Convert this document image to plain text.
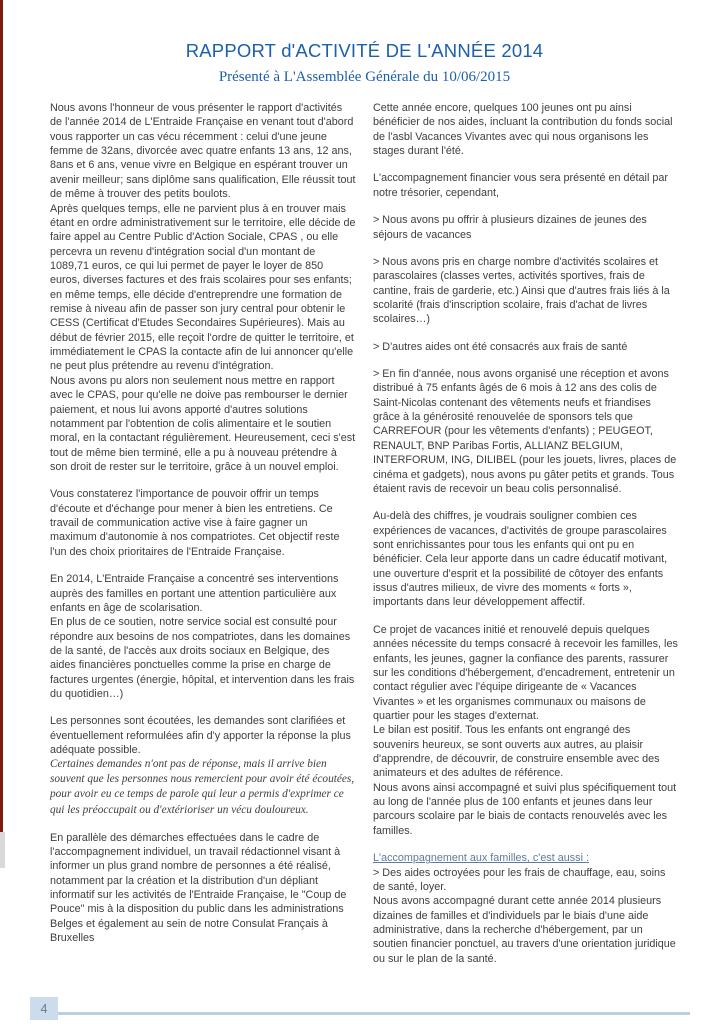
RAPPORT d'ACTIVITÉ DE L'ANNÉE 2014
Présenté à L'Assemblée Générale du 10/06/2015

Nous avons l'honneur de vous présenter le rapport d'activités de l'année 2014 de L'Entraide Française en venant tout d'abord vous rapporter un cas vécu récemment : celui d'une jeune femme de 32ans, divorcée avec quatre enfants 13 ans, 12 ans, 8ans et 6 ans, venue vivre en Belgique en espérant trouver un avenir meilleur; sans diplôme sans qualification, Elle réussit tout de même à trouver des petits boulots.

Après quelques temps, elle ne parvient plus à en trouver mais étant en ordre administrativement sur le territoire, elle décide de faire appel au Centre Public d'Action Sociale, CPAS , ou elle percevra un revenu d'intégration social d'un montant de 1089,71 euros, ce qui lui permet de payer le loyer de 850 euros, diverses factures et des frais scolaires pour ses enfants; en même temps, elle décide d'entreprendre une formation de remise à niveau afin de passer son jury central pour obtenir le CESS (Certificat d'Etudes Secondaires Supérieures). Mais au début de février 2015, elle reçoit l'ordre de quitter le territoire, et immédiatement le CPAS la contacte afin de lui annoncer qu'elle ne peut plus prétendre au revenu d'intégration.

Nous avons pu alors non seulement nous mettre en rapport avec le CPAS, pour qu'elle ne doive pas rembourser le dernier paiement, et nous lui avons apporté d'autres solutions notamment par l'obtention de colis alimentaire et le soutien moral, en la contactant régulièrement. Heureusement, ceci s'est tout de même bien terminé, elle a pu à nouveau prétendre à son droit de rester sur le territoire, grâce à un nouvel emploi.

Vous constaterez l'importance de pouvoir offrir un temps d'écoute et d'échange pour mener à bien les entretiens. Ce travail de communication active vise à faire gagner un maximum d'autonomie à nos compatriotes. Cet objectif reste l'un des choix prioritaires de l'Entraide Française.

En 2014, L'Entraide Française a concentré ses interventions auprès des familles en portant une attention particulière aux enfants en âge de scolarisation.

En plus de ce soutien, notre service social est consulté pour répondre aux besoins de nos compatriotes, dans les domaines de la santé, de l'accès aux droits sociaux en Belgique, des aides financières ponctuelles comme la prise en charge de factures urgentes (énergie, hôpital, et intervention dans les frais du quotidien…)

Les personnes sont écoutées, les demandes sont clarifiées et éventuellement reformulées afin d'y apporter la réponse la plus adéquate possible.

Certaines demandes n'ont pas de réponse, mais il arrive bien souvent que les personnes nous remercient pour avoir été écoutées, pour avoir eu ce temps de parole qui leur a permis d'exprimer ce qui les préoccupait ou d'extérioriser un vécu douloureux.

En parallèle des démarches effectuées dans le cadre de l'accompagnement individuel, un travail rédactionnel visant à informer un plus grand nombre de personnes a été réalisé, notamment par la création et la distribution d'un dépliant informatif sur les activités de l'Entraide Française, le "Coup de Pouce" mis à la disposition du public dans les administrations Belges et également au sein de notre Consulat Français à Bruxelles

Cette année encore, quelques 100 jeunes ont pu ainsi bénéficier de nos aides, incluant la contribution du fonds social de l'asbl Vacances Vivantes avec qui nous organisons les stages durant l'été.

L'accompagnement financier vous sera présenté en détail par notre trésorier, cependant,

> Nous avons pu offrir à plusieurs dizaines de jeunes des séjours de vacances

> Nous avons pris en charge nombre d'activités scolaires et parascolaires (classes vertes, activités sportives, frais de cantine, frais de garderie, etc.) Ainsi que d'autres frais liés à la scolarité (frais d'inscription scolaire, frais d'achat de livres scolaires…)

> D'autres aides ont été consacrés aux frais de santé

> En fin d'année, nous avons organisé une réception et avons distribué à 75 enfants âgés de 6 mois à 12 ans des colis de Saint-Nicolas contenant des vêtements neufs et friandises grâce à la générosité renouvelée de sponsors tels que CARREFOUR (pour les vêtements d'enfants) ; PEUGEOT, RENAULT, BNP Paribas Fortis, ALLIANZ BELGIUM, INTERFORUM, ING, DILIBEL (pour les jouets, livres, places de cinéma et gadgets), nous avons pu gâter petits et grands. Tous étaient ravis de recevoir un beau colis personnalisé.

Au-delà des chiffres, je voudrais souligner combien ces expériences de vacances, d'activités de groupe parascolaires sont enrichissantes pour tous les enfants qui ont pu en bénéficier. Cela leur apporte dans un cadre éducatif motivant, une ouverture d'esprit et la possibilité de côtoyer des enfants issus d'autres milieux, de vivre des moments « forts », importants dans leur développement affectif.

Ce projet de vacances initié et renouvelé depuis quelques années nécessite du temps consacré à recevoir les familles, les enfants, les jeunes, gagner la confiance des parents, rassurer sur les conditions d'hébergement, d'encadrement, entretenir un contact régulier avec l'équipe dirigeante de « Vacances Vivantes » et les organismes communaux ou maisons de quartier pour les stages d'externat.

Le bilan est positif. Tous les enfants ont engrangé des souvenirs heureux, se sont ouverts aux autres, au plaisir d'apprendre, de découvrir, de construire ensemble avec des animateurs et des adultes de référence.

Nous avons ainsi accompagné et suivi plus spécifiquement tout au long de l'année plus de 100 enfants et jeunes dans leur parcours scolaire par le biais de contacts renouvelés avec les familles.

L'accompagnement aux familles, c'est aussi :

> Des aides octroyées pour les frais de chauffage, eau, soins de santé, loyer.

Nous avons accompagné durant cette année 2014 plusieurs dizaines de familles et d'individuels par le biais d'une aide administrative, dans la recherche d'hébergement, par un soutien financier ponctuel, au travers d'une orientation juridique ou sur le plan de la santé.

4
